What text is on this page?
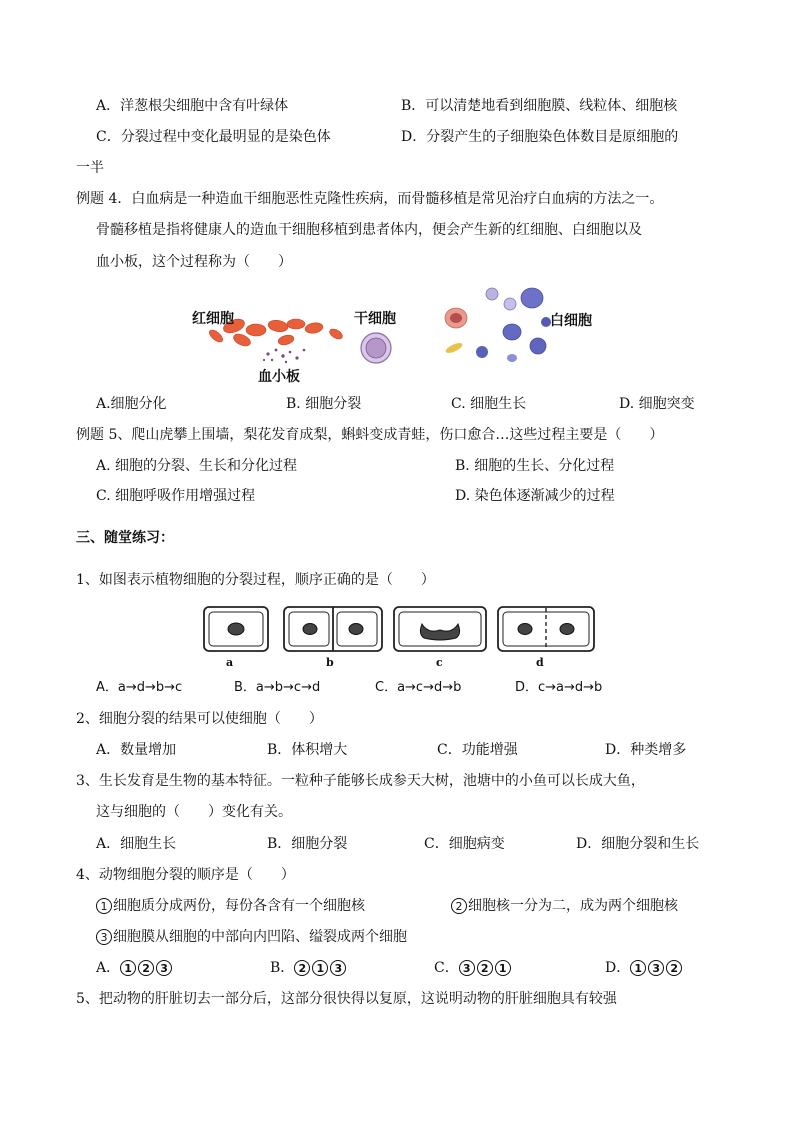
A．洋葱根尖细胞中含有叶绿体	B．可以清楚地看到细胞膜、线粒体、细胞核
C．分裂过程中变化最明显的是染色体	D．分裂产生的子细胞染色体数目是原细胞的
一半
例题 4．白血病是一种造血干细胞恶性克隆性疾病，而骨髓移植是常见治疗白血病的方法之一。
骨髓移植是指将健康人的造血干细胞移植到患者体内，便会产生新的红细胞、白细胞以及
血小板，这个过程称为（　　）
红细胞	干细胞	白细胞
血小板
A.细胞分化	B. 细胞分裂	C. 细胞生长	D. 细胞突变
例题 5、爬山虎攀上围墙，梨花发育成梨，蝌蚪变成青蛙，伤口愈合…这些过程主要是（　　）
A. 细胞的分裂、生长和分化过程	B. 细胞的生长、分化过程
C. 细胞呼吸作用增强过程	D. 染色体逐渐减少的过程
三、随堂练习：
1、如图表示植物细胞的分裂过程，顺序正确的是（　　）
a	b	c	d
A．a→d→b→c	B．a→b→c→d	C．a→c→d→b	D．c→a→d→b
2、细胞分裂的结果可以使细胞（　　）
A．数量增加	B．体积增大	C．功能增强	D．种类增多
3、生长发育是生物的基本特征。一粒种子能够长成参天大树，池塘中的小鱼可以长成大鱼，
这与细胞的（　　）变化有关。
A．细胞生长	B．细胞分裂	C．细胞病变	D．细胞分裂和生长
4、动物细胞分裂的顺序是（　　）
1 细胞质分成两份，每份各含有一个细胞核	2 细胞核一分为二，成为两个细胞核
3 细胞膜从细胞的中部向内凹陷、缢裂成两个细胞
A． 1 2 3	B． 2 1 3	C． 3 2 1	D． 1 3 2
5、把动物的肝脏切去一部分后，这部分很快得以复原，这说明动物的肝脏细胞具有较强
